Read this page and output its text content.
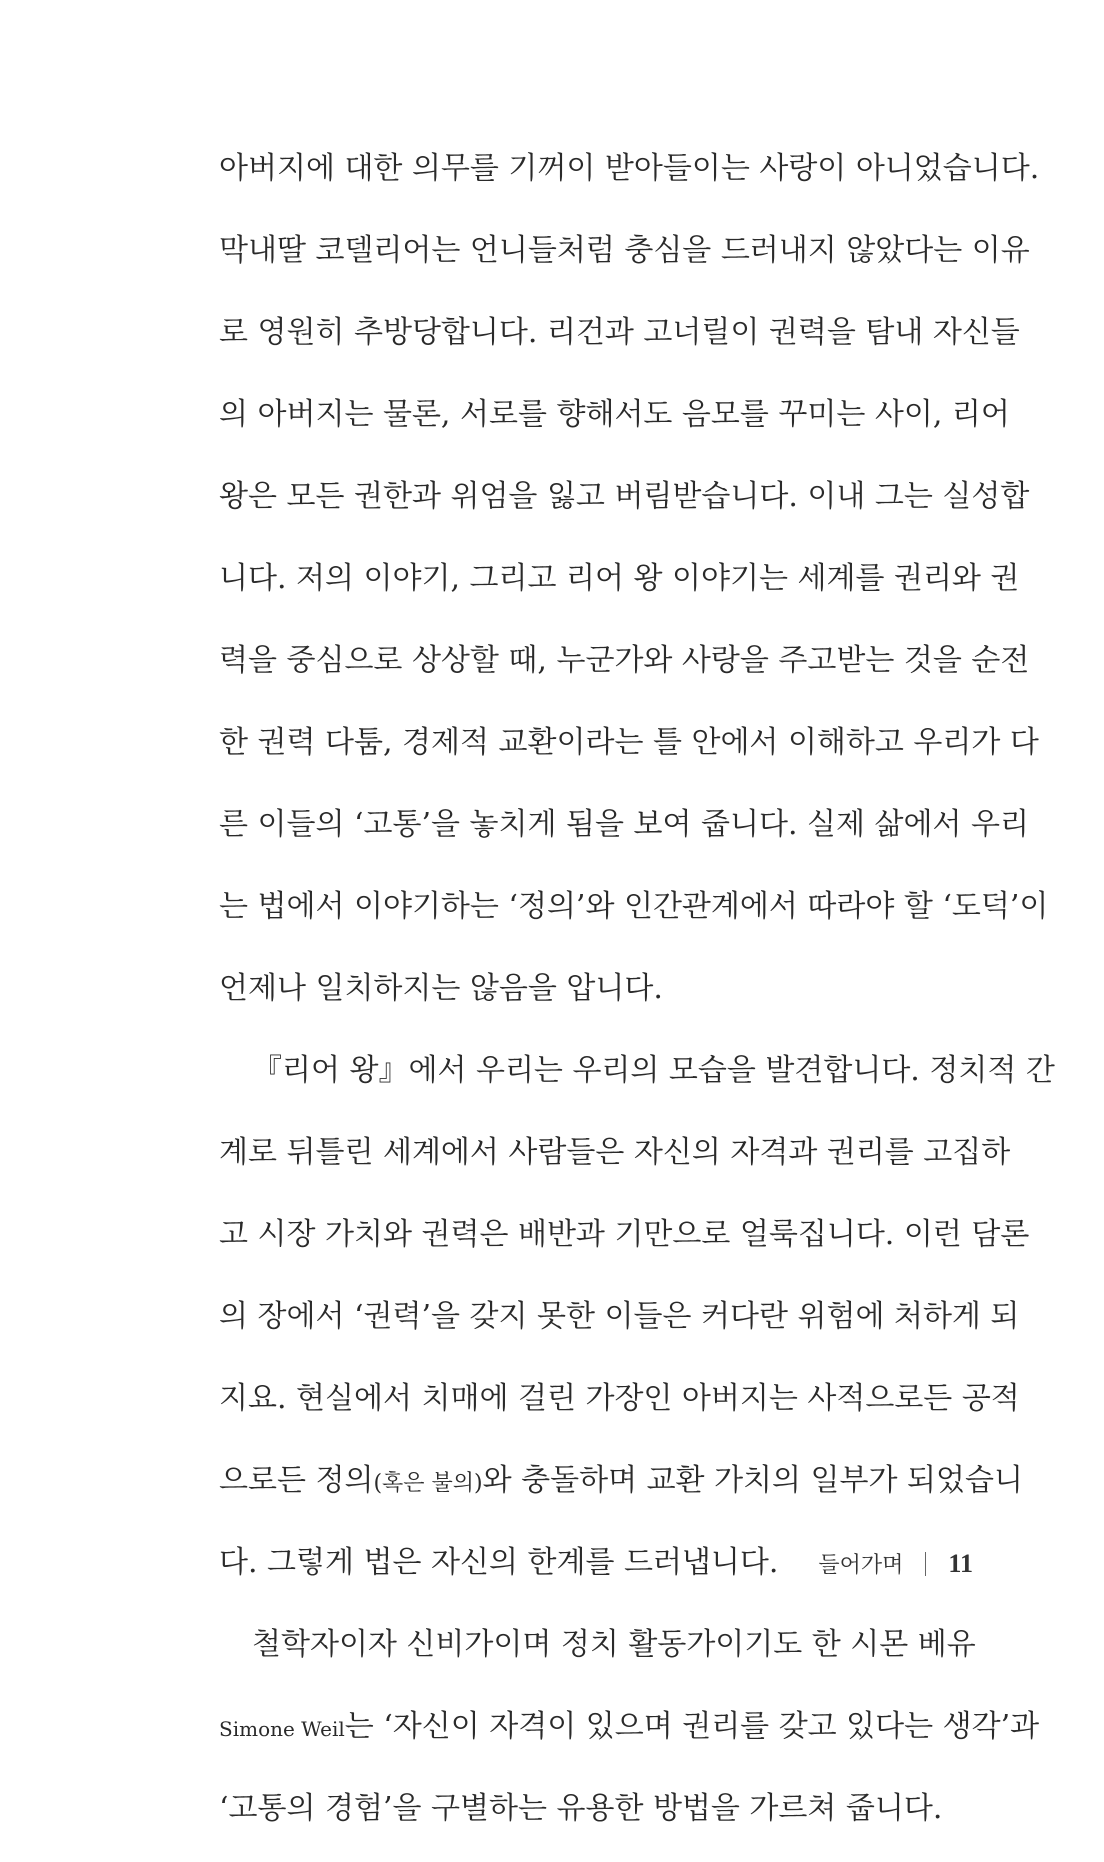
아버지에 대한 의무를 기꺼이 받아들이는 사랑이 아니었습니다.
막내딸 코델리어는 언니들처럼 충심을 드러내지 않았다는 이유
로 영원히 추방당합니다. 리건과 고너릴이 권력을 탐내 자신들
의 아버지는 물론, 서로를 향해서도 음모를 꾸미는 사이, 리어
왕은 모든 권한과 위엄을 잃고 버림받습니다. 이내 그는 실성합
니다. 저의 이야기, 그리고 리어 왕 이야기는 세계를 권리와 권
력을 중심으로 상상할 때, 누군가와 사랑을 주고받는 것을 순전
한 권력 다툼, 경제적 교환이라는 틀 안에서 이해하고 우리가 다
른 이들의 ‘고통’을 놓치게 됨을 보여 줍니다. 실제 삶에서 우리
는 법에서 이야기하는 ‘정의’와 인간관계에서 따라야 할 ‘도덕’이
언제나 일치하지는 않음을 압니다.
『리어 왕』에서 우리는 우리의 모습을 발견합니다. 정치적 간
계로 뒤틀린 세계에서 사람들은 자신의 자격과 권리를 고집하
고 시장 가치와 권력은 배반과 기만으로 얼룩집니다. 이런 담론
의 장에서 ‘권력’을 갖지 못한 이들은 커다란 위험에 처하게 되
지요. 현실에서 치매에 걸린 가장인 아버지는 사적으로든 공적
으로든 정의(혹은 불의)와 충돌하며 교환 가치의 일부가 되었습니
다. 그렇게 법은 자신의 한계를 드러냅니다.
철학자이자 신비가이며 정치 활동가이기도 한 시몬 베유
Simone Weil는 ‘자신이 자격이 있으며 권리를 갖고 있다는 생각’과
‘고통의 경험’을 구별하는 유용한 방법을 가르쳐 줍니다.
들어가며 11
